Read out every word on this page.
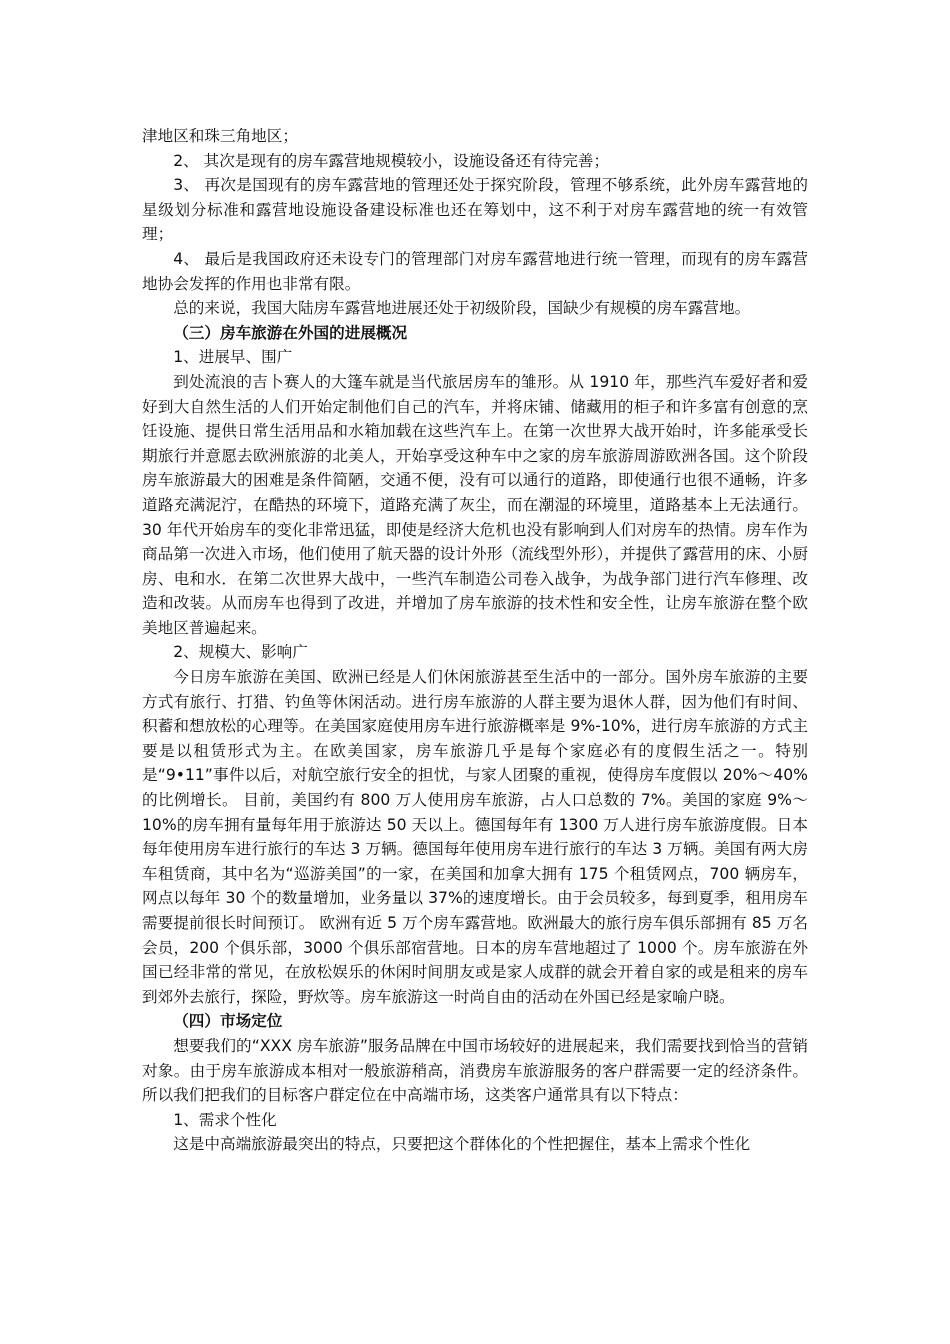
津地区和珠三角地区；

2、 其次是现有的房车露营地规模较小，设施设备还有待完善；

3、 再次是国现有的房车露营地的管理还处于探究阶段，管理不够系统，此外房车露营地的星级划分标准和露营地设施设备建设标准也还在筹划中，这不利于对房车露营地的统一有效管理；

4、 最后是我国政府还未设专门的管理部门对房车露营地进行统一管理，而现有的房车露营地协会发挥的作用也非常有限。

总的来说，我国大陆房车露营地进展还处于初级阶段，国缺少有规模的房车露营地。

（三）房车旅游在外国的进展概况

1、进展早、围广

到处流浪的吉卜赛人的大篷车就是当代旅居房车的雏形。从 1910 年，那些汽车爱好者和爱好到大自然生活的人们开始定制他们自己的汽车，并将床铺、储藏用的柜子和许多富有创意的烹饪设施、提供日常生活用品和水箱加载在这些汽车上。在第一次世界大战开始时，许多能承受长期旅行并意愿去欧洲旅游的北美人，开始享受这种车中之家的房车旅游周游欧洲各国。这个阶段房车旅游最大的困难是条件简陋，交通不便，没有可以通行的道路，即使通行也很不通畅，许多道路充满泥泞，在酷热的环境下，道路充满了灰尘，而在潮湿的环境里，道路基本上无法通行。30 年代开始房车的变化非常迅猛，即使是经济大危机也没有影响到人们对房车的热情。房车作为商品第一次进入市场，他们使用了航天器的设计外形（流线型外形），并提供了露营用的床、小厨房、电和水．在第二次世界大战中，一些汽车制造公司卷入战争，为战争部门进行汽车修理、改造和改装。从而房车也得到了改进，并增加了房车旅游的技术性和安全性，让房车旅游在整个欧美地区普遍起来。

2、规模大、影响广

今日房车旅游在美国、欧洲已经是人们休闲旅游甚至生活中的一部分。国外房车旅游的主要方式有旅行、打猎、钓鱼等休闲活动。进行房车旅游的人群主要为退休人群，因为他们有时间、积蓄和想放松的心理等。在美国家庭使用房车进行旅游概率是 9%-10%，进行房车旅游的方式主要是以租赁形式为主。在欧美国家，房车旅游几乎是每个家庭必有的度假生活之一。特别是“9•11”事件以后，对航空旅行安全的担忧，与家人团聚的重视，使得房车度假以 20%～40%的比例增长。 目前，美国约有 800 万人使用房车旅游，占人口总数的 7%。美国的家庭 9%～10%的房车拥有量每年用于旅游达 50 天以上。德国每年有 1300 万人进行房车旅游度假。日本每年使用房车进行旅行的车达 3 万辆。德国每年使用房车进行旅行的车达 3 万辆。美国有两大房车租赁商，其中名为“巡游美国”的一家，在美国和加拿大拥有 175 个租赁网点，700 辆房车，网点以每年 30 个的数量增加，业务量以 37%的速度增长。由于会员较多，每到夏季，租用房车需要提前很长时间预订。 欧洲有近 5 万个房车露营地。欧洲最大的旅行房车俱乐部拥有 85 万名会员，200 个俱乐部，3000 个俱乐部宿营地。日本的房车营地超过了 1000 个。房车旅游在外国已经非常的常见，在放松娱乐的休闲时间朋友或是家人成群的就会开着自家的或是租来的房车到郊外去旅行，探险，野炊等。房车旅游这一时尚自由的活动在外国已经是家喻户晓。

（四）市场定位

想要我们的“XXX 房车旅游”服务品牌在中国市场较好的进展起来，我们需要找到恰当的营销对象。由于房车旅游成本相对一般旅游稍高，消费房车旅游服务的客户群需要一定的经济条件。所以我们把我们的目标客户群定位在中高端市场，这类客户通常具有以下特点：

1、需求个性化

这是中高端旅游最突出的特点，只要把这个群体化的个性把握住，基本上需求个性化
